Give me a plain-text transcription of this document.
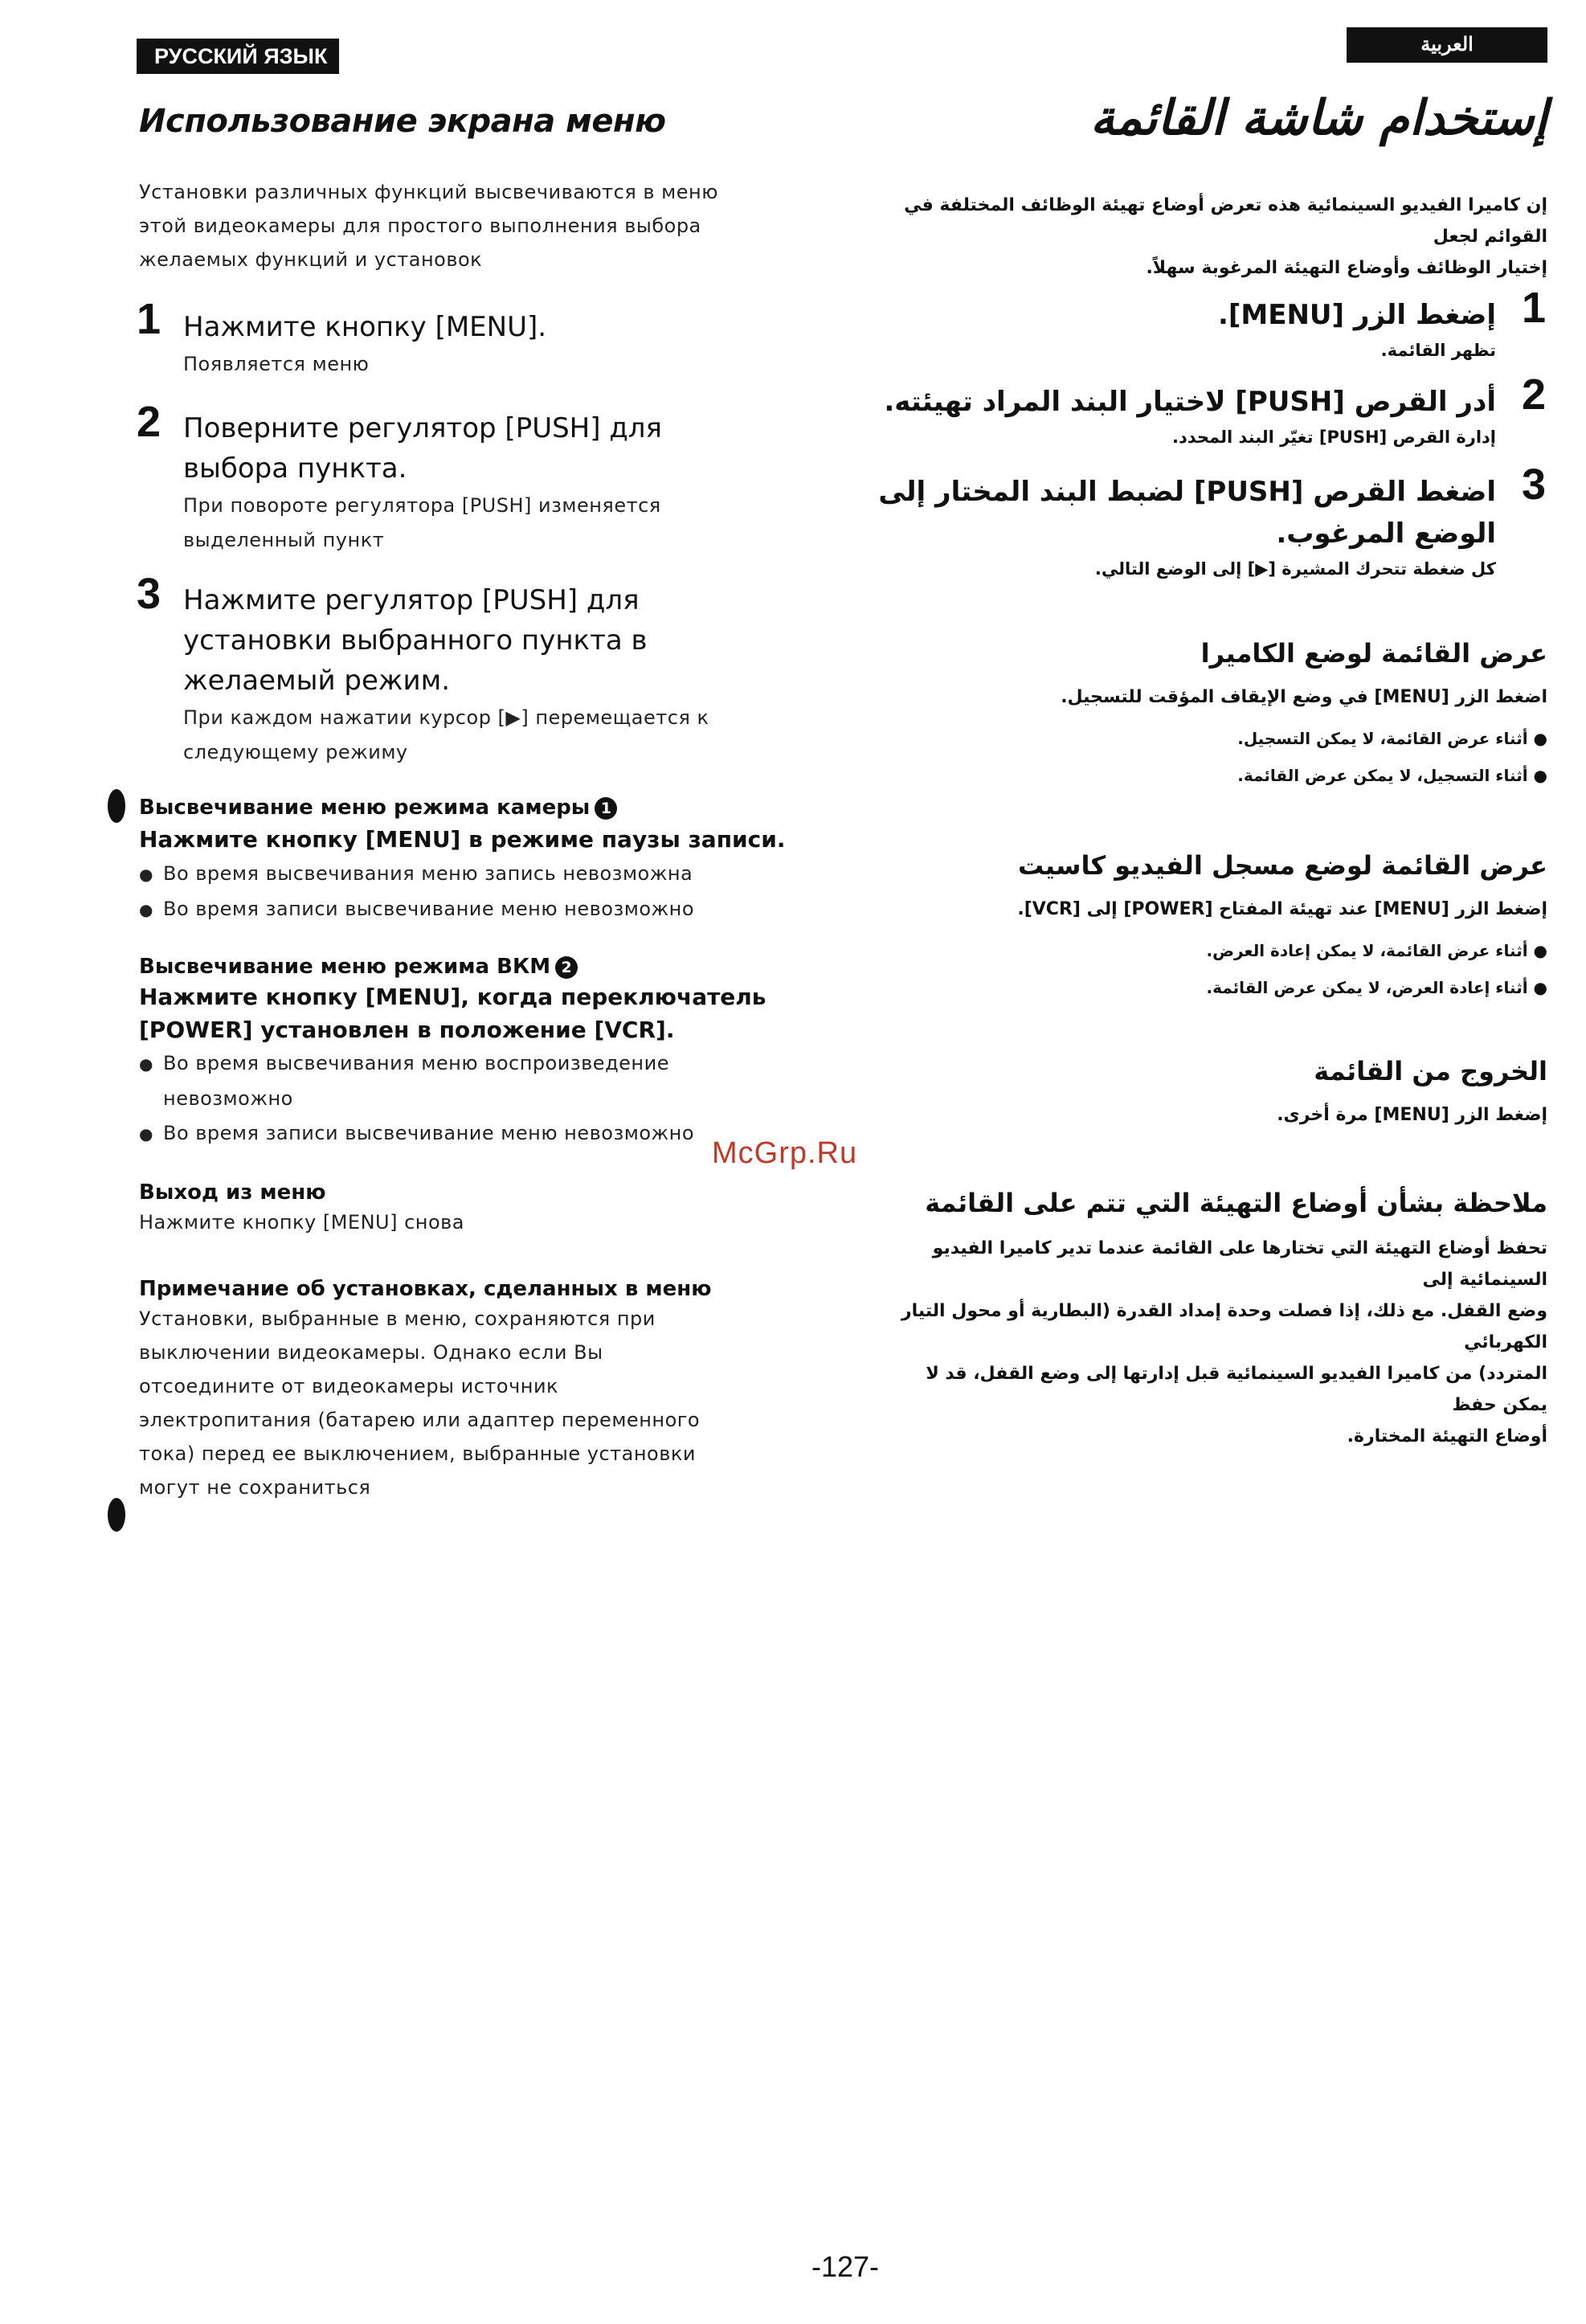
РУССКИЙ ЯЗЫК	العربية
Использование экрана меню
Установки различных функций высвечиваются в меню
этой видеокамеры для простого выполнения выбора
желаемых функций и установок
1 Нажмите кнопку [MENU].
Появляется меню
2 Поверните регулятор [PUSH] для
выбора пункта.
При повороте регулятора [PUSH] изменяется
выделенный пункт
3 Нажмите регулятор [PUSH] для
установки выбранного пункта в
желаемый режим.
При каждом нажатии курсор [▶] перемещается к
следующему режиму
Высвечивание меню режима камеры 1
Нажмите кнопку [MENU] в режиме паузы записи.
● Во время высвечивания меню запись невозможна
● Во время записи высвечивание меню невозможно
Высвечивание меню режима ВКМ 2
Нажмите кнопку [MENU], когда переключатель
[POWER] установлен в положение [VCR].
● Во время высвечивания меню воспроизведение
невозможно
● Во время записи высвечивание меню невозможно
Выход из меню
Нажмите кнопку [MENU] снова
Примечание об установках, сделанных в меню
Установки, выбранные в меню, сохраняются при
выключении видеокамеры. Однако если Вы
отсоедините от видеокамеры источник
электропитания (батарею или адаптер переменного
тока) перед ее выключением, выбранные установки
могут не сохраниться
إستخدام شاشة القائمة
إن كاميرا الفيديو السينمائية هذه تعرض أوضاع تهيئة الوظائف المختلفة في القوائم لجعل
إختيار الوظائف وأوضاع التهيئة المرغوبة سهلاً.
1
إضغط الزر [MENU].
تظهر القائمة.
2
أدر القرص [PUSH] لاختيار البند المراد تهيئته.
إدارة القرص [PUSH] تغيّر البند المحدد.
3
اضغط القرص [PUSH] لضبط البند المختار إلى
الوضع المرغوب.
كل ضغطة تتحرك المشيرة [▶] إلى الوضع التالي.
عرض القائمة لوضع الكاميرا
اضغط الزر [MENU] في وضع الإيقاف المؤقت للتسجيل.
● أثناء عرض القائمة، لا يمكن التسجيل.
● أثناء التسجيل، لا يمكن عرض القائمة.
عرض القائمة لوضع مسجل الفيديو كاسيت
إضغط الزر [MENU] عند تهيئة المفتاح [POWER] إلى [VCR].
● أثناء عرض القائمة، لا يمكن إعادة العرض.
● أثناء إعادة العرض، لا يمكن عرض القائمة.
الخروج من القائمة
إضغط الزر [MENU] مرة أخرى.
ملاحظة بشأن أوضاع التهيئة التي تتم على القائمة
تحفظ أوضاع التهيئة التي تختارها على القائمة عندما تدير كاميرا الفيديو السينمائية إلى
وضع القفل. مع ذلك، إذا فصلت وحدة إمداد القدرة (البطارية أو محول التيار الكهربائي
المتردد) من كاميرا الفيديو السينمائية قبل إدارتها إلى وضع القفل، قد لا يمكن حفظ
أوضاع التهيئة المختارة.
McGrp.Ru
-127-
